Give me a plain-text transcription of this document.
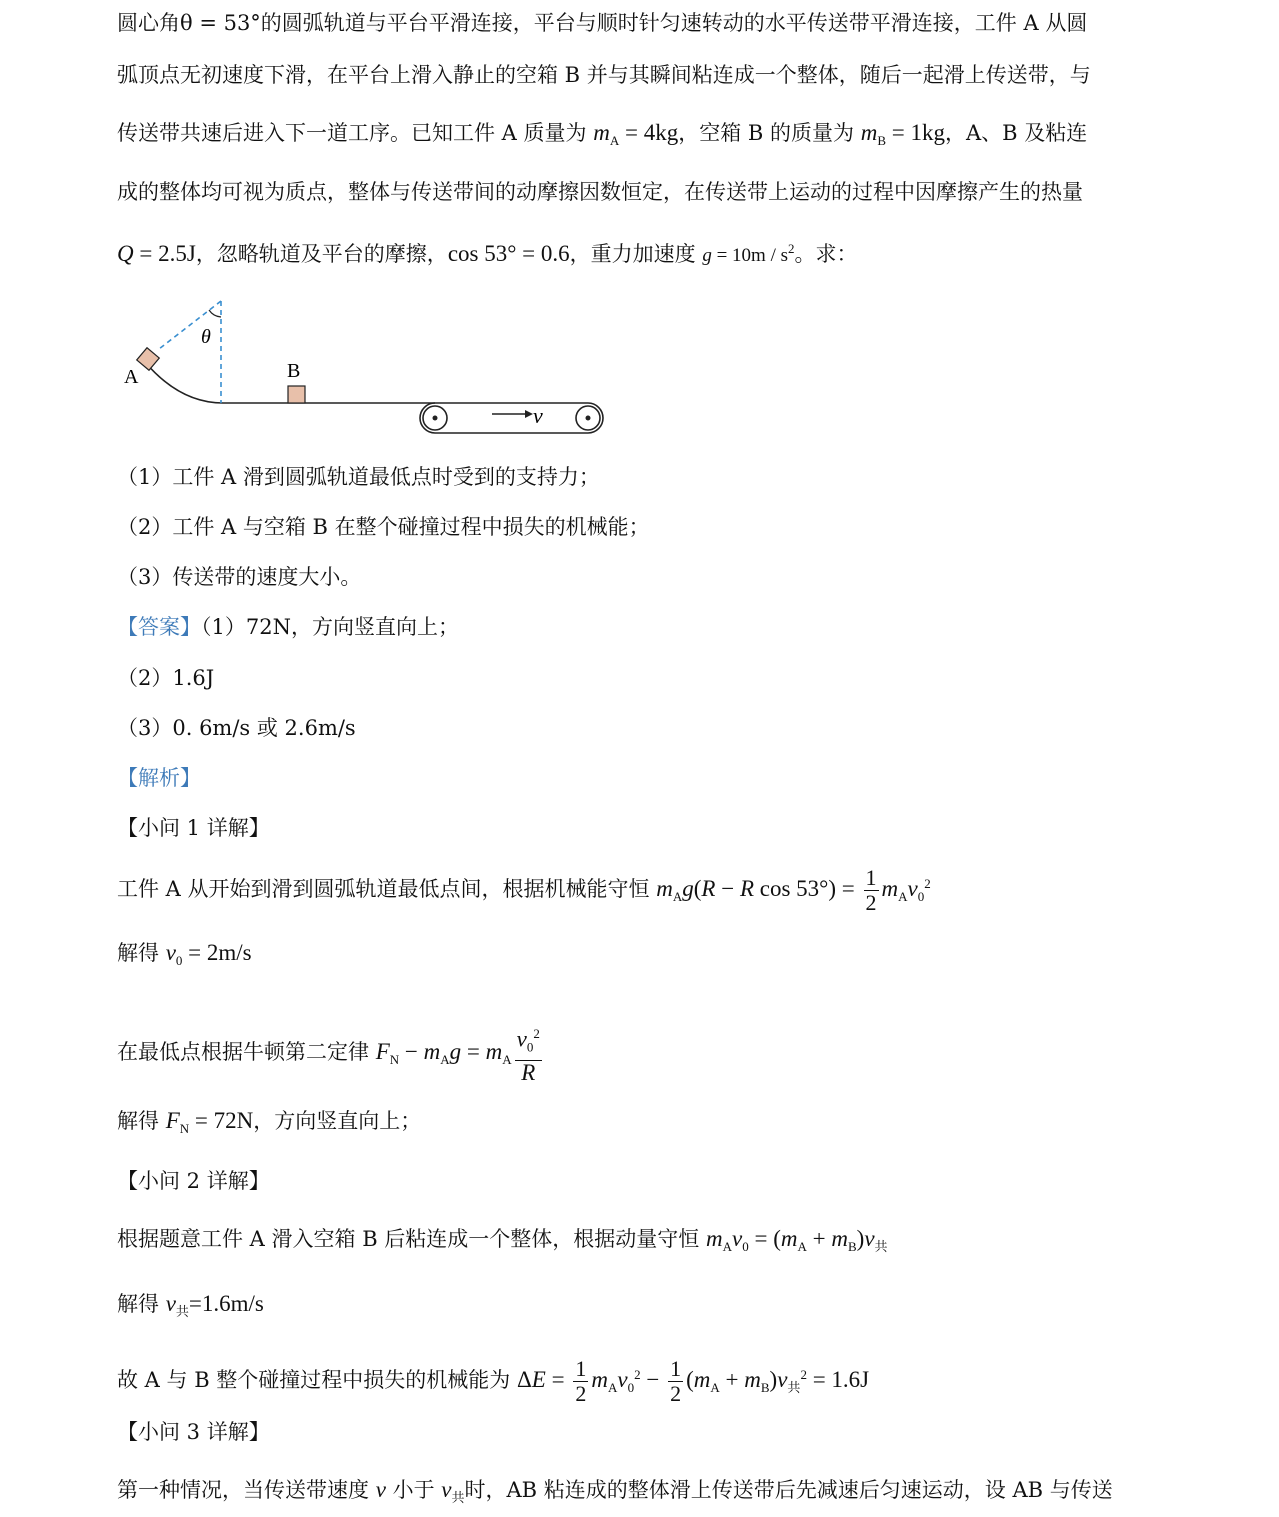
圆心角θ = 53°的圆弧轨道与平台平滑连接，平台与顺时针匀速转动的水平传送带平滑连接，工件 A 从圆
弧顶点无初速度下滑，在平台上滑入静止的空箱 B 并与其瞬间粘连成一个整体，随后一起滑上传送带，与
传送带共速后进入下一道工序。已知工件 A 质量为 $m_A = 4kg$，空箱 B 的质量为 $m_B = 1kg$，A、B 及粘连
成的整体均可视为质点，整体与传送带间的动摩擦因数恒定，在传送带上运动的过程中因摩擦产生的热量
Q = 2.5J，忽略轨道及平台的摩擦，cos 53° = 0.6，重力加速度 $g = 10m / s^2$。求：
θ
A	B
v
（1）工件 A 滑到圆弧轨道最低点时受到的支持力；
（2）工件 A 与空箱 B 在整个碰撞过程中损失的机械能；
（3）传送带的速度大小。
【答案】（1）72N，方向竖直向上；
（2）1.6J
（3）0. 6m/s 或 2.6m/s
【解析】
【小问 1 详解】
工件 A 从开始到滑到圆弧轨道最低点间，根据机械能守恒 $m_Ag(R - R$ $\cos 53^\circ) = \frac{1}{2} m_Av_0^2$
解得 $v_0 = 2m/s$
在最低点根据牛顿第二定律 $F_N - m_Ag = m_A \frac{v_0^2}{R}$
解得 $F_N = 72N$，方向竖直向上；
【小问 2 详解】
根据题意工件 A 滑入空箱 B 后粘连成一个整体，根据动量守恒 $m_Av_0 = (m_A + m_B)v_共$
解得 $v_共=1.6m/s$
故 A 与 B 整个碰撞过程中损失的机械能为 $\Delta E = \frac{1}{2} m_Av_0^2 - \frac{1}{2} (m_A + m_B)v_共^2 = 1.6J$
【小问 3 详解】
第一种情况，当传送带速度 v 小于 $v_共$时，AB 粘连成的整体滑上传送带后先减速后匀速运动，设 AB 与传送
